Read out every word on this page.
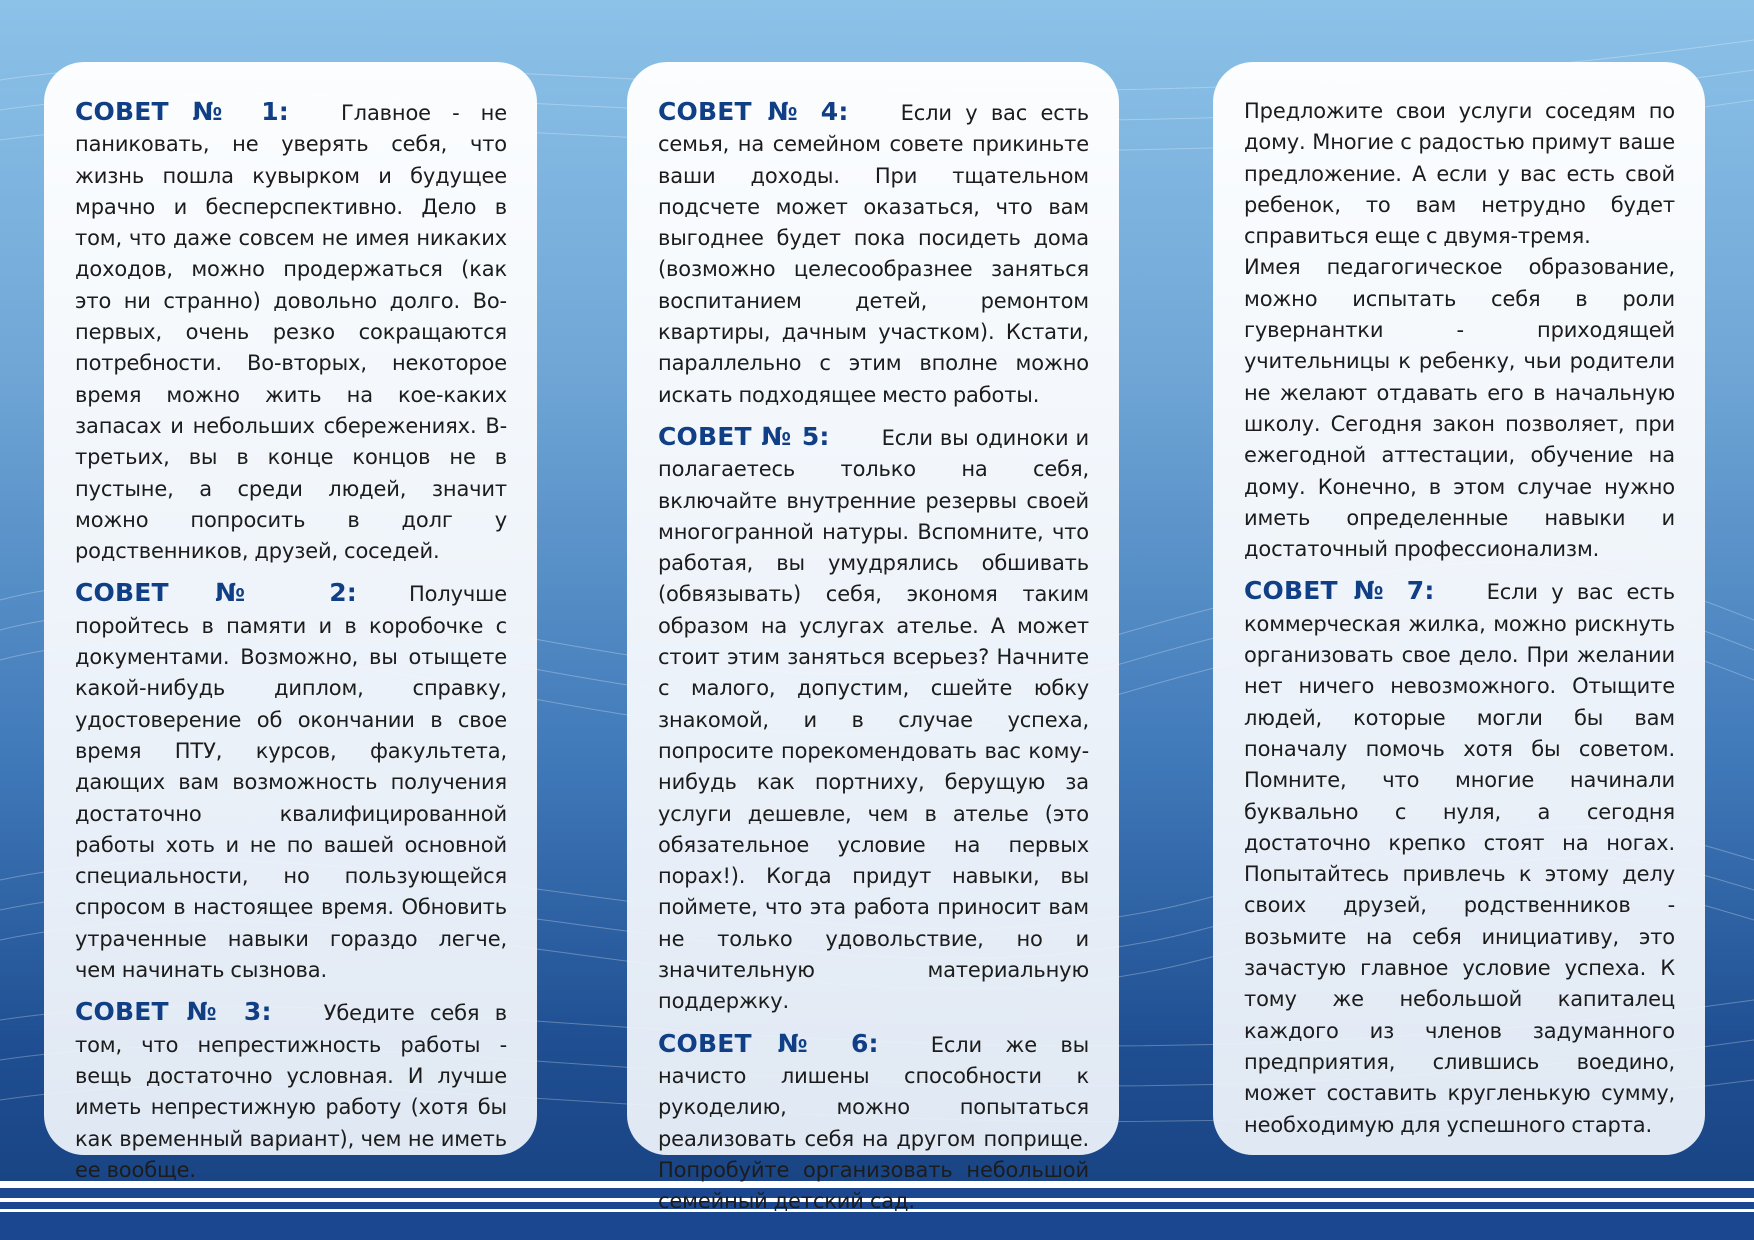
СОВЕТ № 1: Главное - не паниковать, не уверять себя, что жизнь пошла кувырком и будущее мрачно и бесперспективно. Дело в том, что даже совсем не имея никаких доходов, можно продержаться (как это ни странно) довольно долго. Во-первых, очень резко сокращаются потребности. Во-вторых, некоторое время можно жить на кое-каких запасах и небольших сбережениях. В-третьих, вы в конце концов не в пустыне, а среди людей, значит можно попросить в долг у родственников, друзей, соседей.

СОВЕТ № 2: Получше поройтесь в памяти и в коробочке с документами. Возможно, вы отыщете какой-нибудь диплом, справку, удостоверение об окончании в свое время ПТУ, курсов, факультета, дающих вам возможность получения достаточно квалифицированной работы хоть и не по вашей основной специальности, но пользующейся спросом в настоящее время. Обновить утраченные навыки гораздо легче, чем начинать сызнова.

СОВЕТ № 3: Убедите себя в том, что непрестижность работы - вещь достаточно условная. И лучше иметь непрестижную работу (хотя бы как временный вариант), чем не иметь ее вообще.

СОВЕТ № 4: Если у вас есть семья, на семейном совете прикиньте ваши доходы. При тщательном подсчете может оказаться, что вам выгоднее будет пока посидеть дома (возможно целесообразнее заняться воспитанием детей, ремонтом квартиры, дачным участком). Кстати, параллельно с этим вполне можно искать подходящее место работы.

СОВЕТ № 5: Если вы одиноки и полагаетесь только на себя, включайте внутренние резервы своей многогранной натуры. Вспомните, что работая, вы умудрялись обшивать (обвязывать) себя, экономя таким образом на услугах ателье. А может стоит этим заняться всерьез? Начните с малого, допустим, сшейте юбку знакомой, и в случае успеха, попросите порекомендовать вас кому-нибудь как портниху, берущую за услуги дешевле, чем в ателье (это обязательное условие на первых порах!). Когда придут навыки, вы поймете, что эта работа приносит вам не только удовольствие, но и значительную материальную поддержку.

СОВЕТ № 6: Если же вы начисто лишены способности к рукоделию, можно попытаться реализовать себя на другом поприще. Попробуйте организовать небольшой семейный детский сад.

Предложите свои услуги соседям по дому. Многие с радостью примут ваше предложение. А если у вас есть свой ребенок, то вам нетрудно будет справиться еще с двумя-тремя.

Имея педагогическое образование, можно испытать себя в роли гувернантки - приходящей учительницы к ребенку, чьи родители не желают отдавать его в начальную школу. Сегодня закон позволяет, при ежегодной аттестации, обучение на дому. Конечно, в этом случае нужно иметь определенные навыки и достаточный профессионализм.

СОВЕТ № 7: Если у вас есть коммерческая жилка, можно рискнуть организовать свое дело. При желании нет ничего невозможного. Отыщите людей, которые могли бы вам поначалу помочь хотя бы советом. Помните, что многие начинали буквально с нуля, а сегодня достаточно крепко стоят на ногах. Попытайтесь привлечь к этому делу своих друзей, родственников - возьмите на себя инициативу, это зачастую главное условие успеха. К тому же небольшой капиталец каждого из членов задуманного предприятия, слившись воедино, может составить кругленькую сумму, необходимую для успешного старта.
